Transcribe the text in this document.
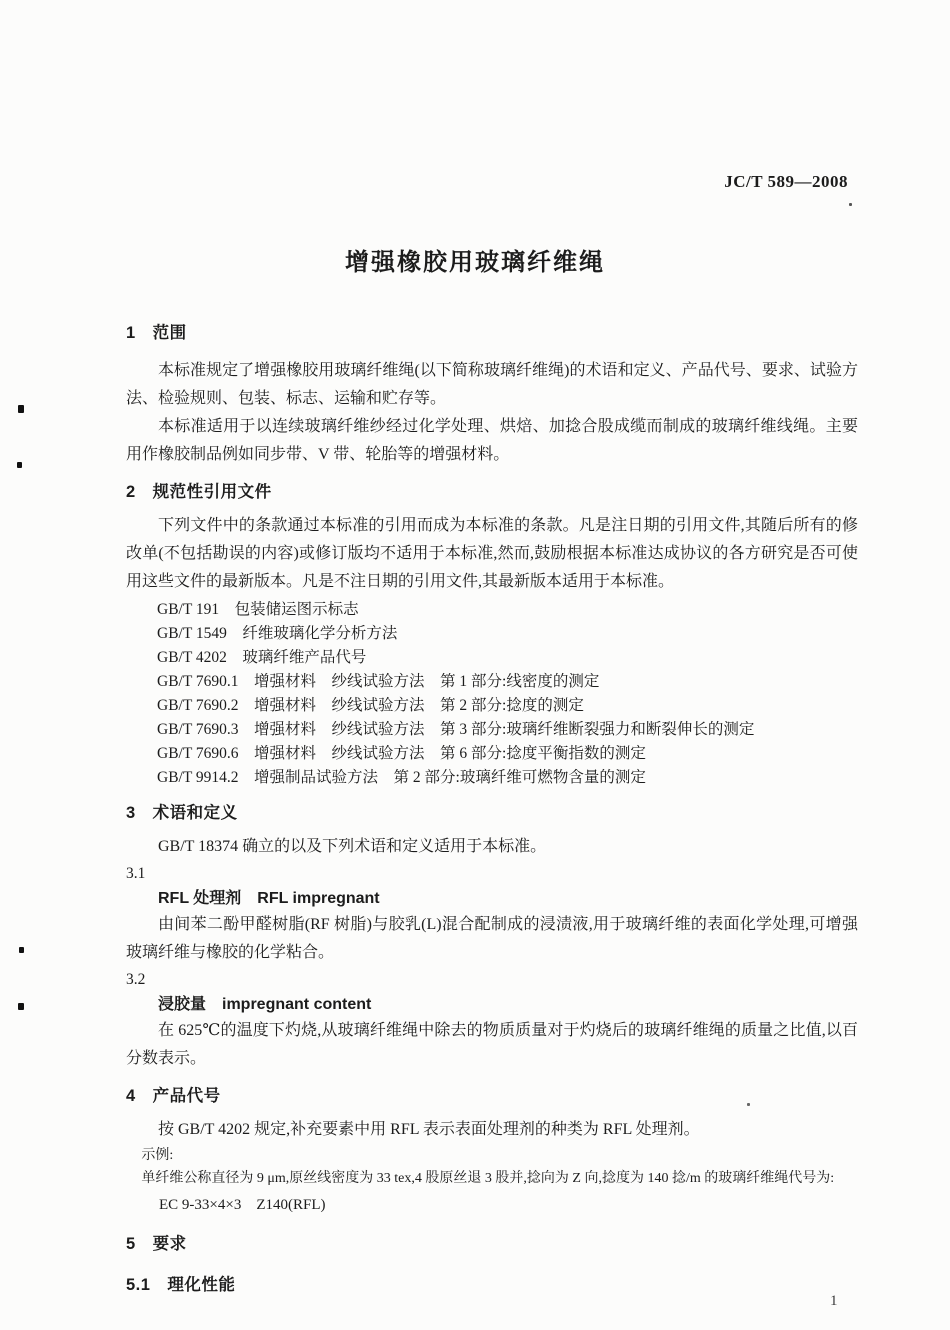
JC/T 589—2008
增强橡胶用玻璃纤维绳
1　范围

本标准规定了增强橡胶用玻璃纤维绳(以下简称玻璃纤维绳)的术语和定义、产品代号、要求、试验方法、检验规则、包装、标志、运输和贮存等。

本标准适用于以连续玻璃纤维纱经过化学处理、烘焙、加捻合股成缆而制成的玻璃纤维线绳。主要用作橡胶制品例如同步带、V 带、轮胎等的增强材料。

2　规范性引用文件

下列文件中的条款通过本标准的引用而成为本标准的条款。凡是注日期的引用文件,其随后所有的修改单(不包括勘误的内容)或修订版均不适用于本标准,然而,鼓励根据本标准达成协议的各方研究是否可使用这些文件的最新版本。凡是不注日期的引用文件,其最新版本适用于本标准。

GB/T 191　包装储运图示标志
GB/T 1549　纤维玻璃化学分析方法
GB/T 4202　玻璃纤维产品代号
GB/T 7690.1　增强材料　纱线试验方法　第 1 部分:线密度的测定
GB/T 7690.2　增强材料　纱线试验方法　第 2 部分:捻度的测定
GB/T 7690.3　增强材料　纱线试验方法　第 3 部分:玻璃纤维断裂强力和断裂伸长的测定
GB/T 7690.6　增强材料　纱线试验方法　第 6 部分:捻度平衡指数的测定
GB/T 9914.2　增强制品试验方法　第 2 部分:玻璃纤维可燃物含量的测定
3　术语和定义

GB/T 18374 确立的以及下列术语和定义适用于本标准。

3.1
RFL 处理剂　RFL impregnant

由间苯二酚甲醛树脂(RF 树脂)与胶乳(L)混合配制成的浸渍液,用于玻璃纤维的表面化学处理,可增强玻璃纤维与橡胶的化学粘合。

3.2
浸胶量　impregnant content

在 625℃的温度下灼烧,从玻璃纤维绳中除去的物质质量对于灼烧后的玻璃纤维绳的质量之比值,以百分数表示。

4　产品代号

按 GB/T 4202 规定,补充要素中用 RFL 表示表面处理剂的种类为 RFL 处理剂。

示例:

单纤维公称直径为 9 μm,原丝线密度为 33 tex,4 股原丝退 3 股并,捻向为 Z 向,捻度为 140 捻/m 的玻璃纤维绳代号为:

EC 9-33×4×3　Z140(RFL)
5　要求
5.1　理化性能
1
